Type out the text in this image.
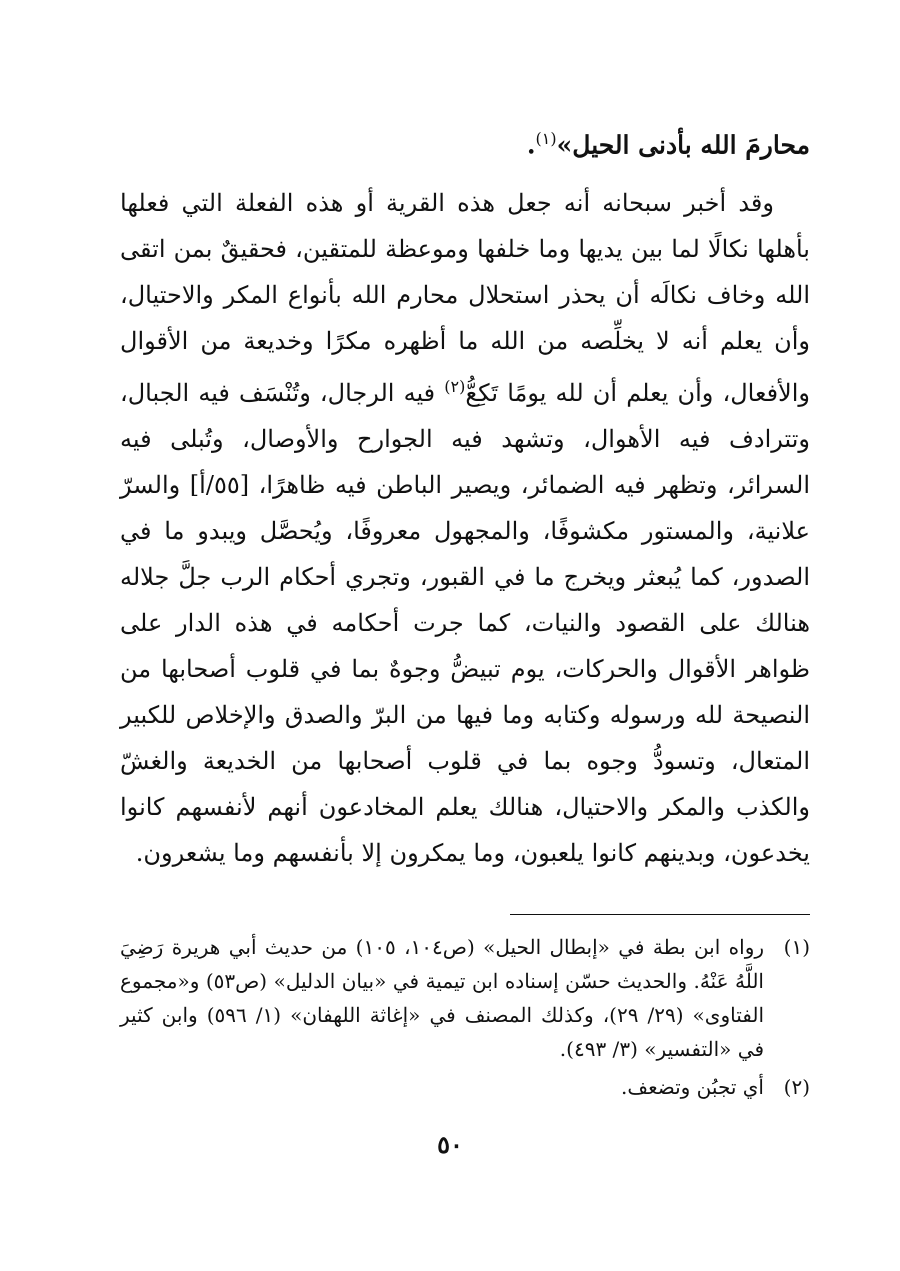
محارمَ الله بأدنى الحيل»$^{(١)}$.

وقد أخبر سبحانه أنه جعل هذه القرية أو هذه الفعلة التي فعلها بأهلها نكالًا لما بين يديها وما خلفها وموعظة للمتقين، فحقيقٌ بمن اتقى الله وخاف نكالَه أن يحذر استحلال محارم الله بأنواع المكر والاحتيال، وأن يعلم أنه لا يخلِّصه من الله ما أظهره مكرًا وخديعة من الأقوال والأفعال، وأن يعلم أن لله يومًا تَكِعُّ$^{(٢)}$ فيه الرجال، وتُنْسَف فيه الجبال، وتترادف فيه الأهوال، وتشهد فيه الجوارح والأوصال، وتُبلى فيه السرائر، وتظهر فيه الضمائر، ويصير الباطن فيه ظاهرًا، [٥٥/أ] والسرّ علانية، والمستور مكشوفًا، والمجهول معروفًا، ويُحصَّل ويبدو ما في الصدور، كما يُبعثر ويخرج ما في القبور، وتجري أحكام الرب جلَّ جلاله هنالك على القصود والنيات، كما جرت أحكامه في هذه الدار على ظواهر الأقوال والحركات، يوم تبيضُّ وجوهٌ بما في قلوب أصحابها من النصيحة لله ورسوله وكتابه وما فيها من البرّ والصدق والإخلاص للكبير المتعال، وتسودُّ وجوه بما في قلوب أصحابها من الخديعة والغشّ والكذب والمكر والاحتيال، هنالك يعلم المخادعون أنهم لأنفسهم كانوا يخدعون، وبدينهم كانوا يلعبون، وما يمكرون إلا بأنفسهم وما يشعرون.

(١)
رواه ابن بطة في «إبطال الحيل» (ص١٠٤، ١٠٥) من حديث أبي هريرة رَضِيَ اللَّهُ عَنْهُ. والحديث حسّن إسناده ابن تيمية في «بيان الدليل» (ص٥٣) و«مجموع الفتاوى» (٢٩/ ٢٩)، وكذلك المصنف في «إغاثة اللهفان» (١/ ٥٩٦) وابن كثير في «التفسير» (٣/ ٤٩٣).
(٢)
أي تجبُن وتضعف.
٥٠
